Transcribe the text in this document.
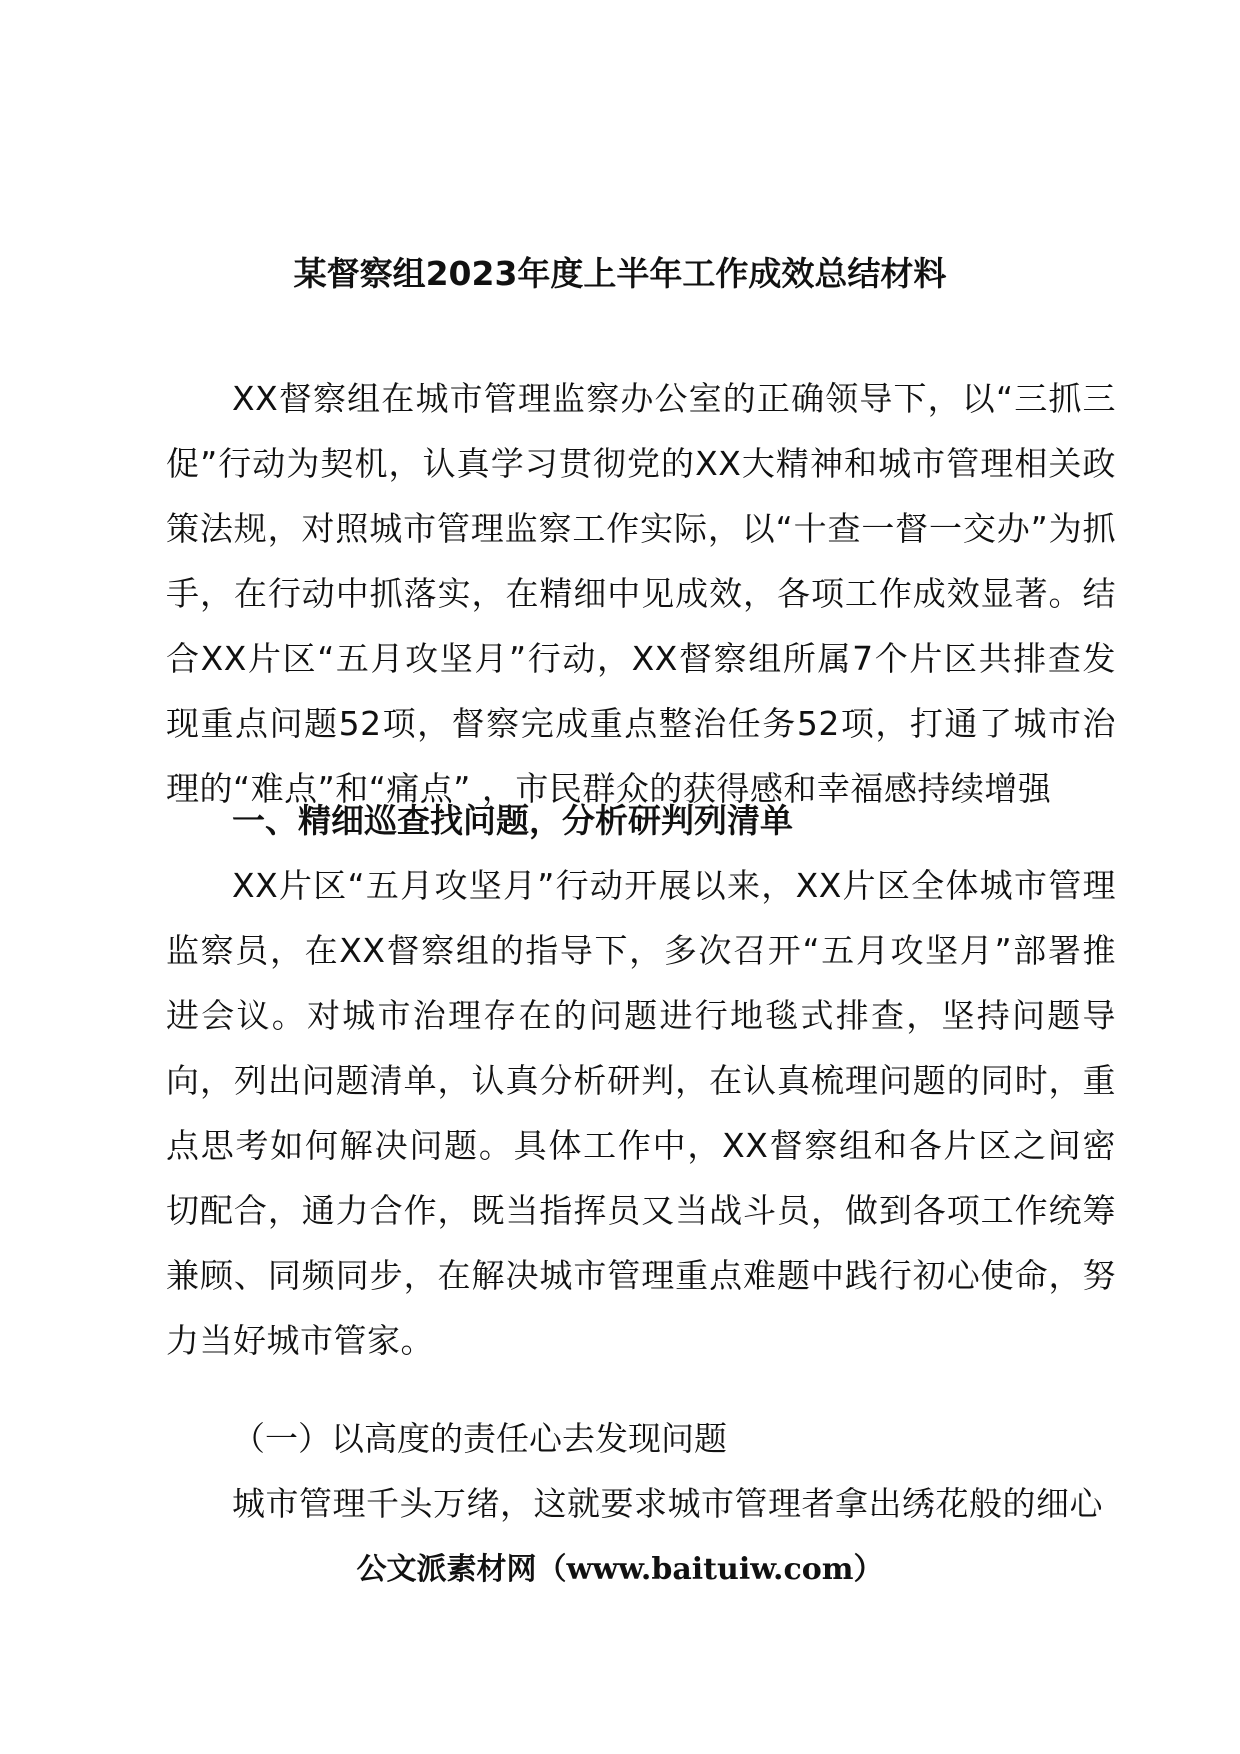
某督察组2023年度上半年工作成效总结材料
XX督察组在城市管理监察办公室的正确领导下，以“三抓三促”行动为契机，认真学习贯彻党的XX大精神和城市管理相关政策法规，对照城市管理监察工作实际，以“十查一督一交办”为抓手，在行动中抓落实，在精细中见成效，各项工作成效显著。结合XX片区“五月攻坚月”行动，XX督察组所属7个片区共排查发现重点问题52项，督察完成重点整治任务52项，打通了城市治理的“难点”和“痛点” ，市民群众的获得感和幸福感持续增强
一、精细巡查找问题，分析研判列清单
XX片区“五月攻坚月”行动开展以来，XX片区全体城市管理监察员，在XX督察组的指导下，多次召开“五月攻坚月”部署推进会议。对城市治理存在的问题进行地毯式排查，坚持问题导向，列出问题清单，认真分析研判，在认真梳理问题的同时，重点思考如何解决问题。具体工作中，XX督察组和各片区之间密切配合，通力合作，既当指挥员又当战斗员，做到各项工作统筹兼顾、同频同步，在解决城市管理重点难题中践行初心使命，努力当好城市管家。
（一）以高度的责任心去发现问题
城市管理千头万绪，这就要求城市管理者拿出绣花般的细心
公文派素材网（www.baituiw.com）
